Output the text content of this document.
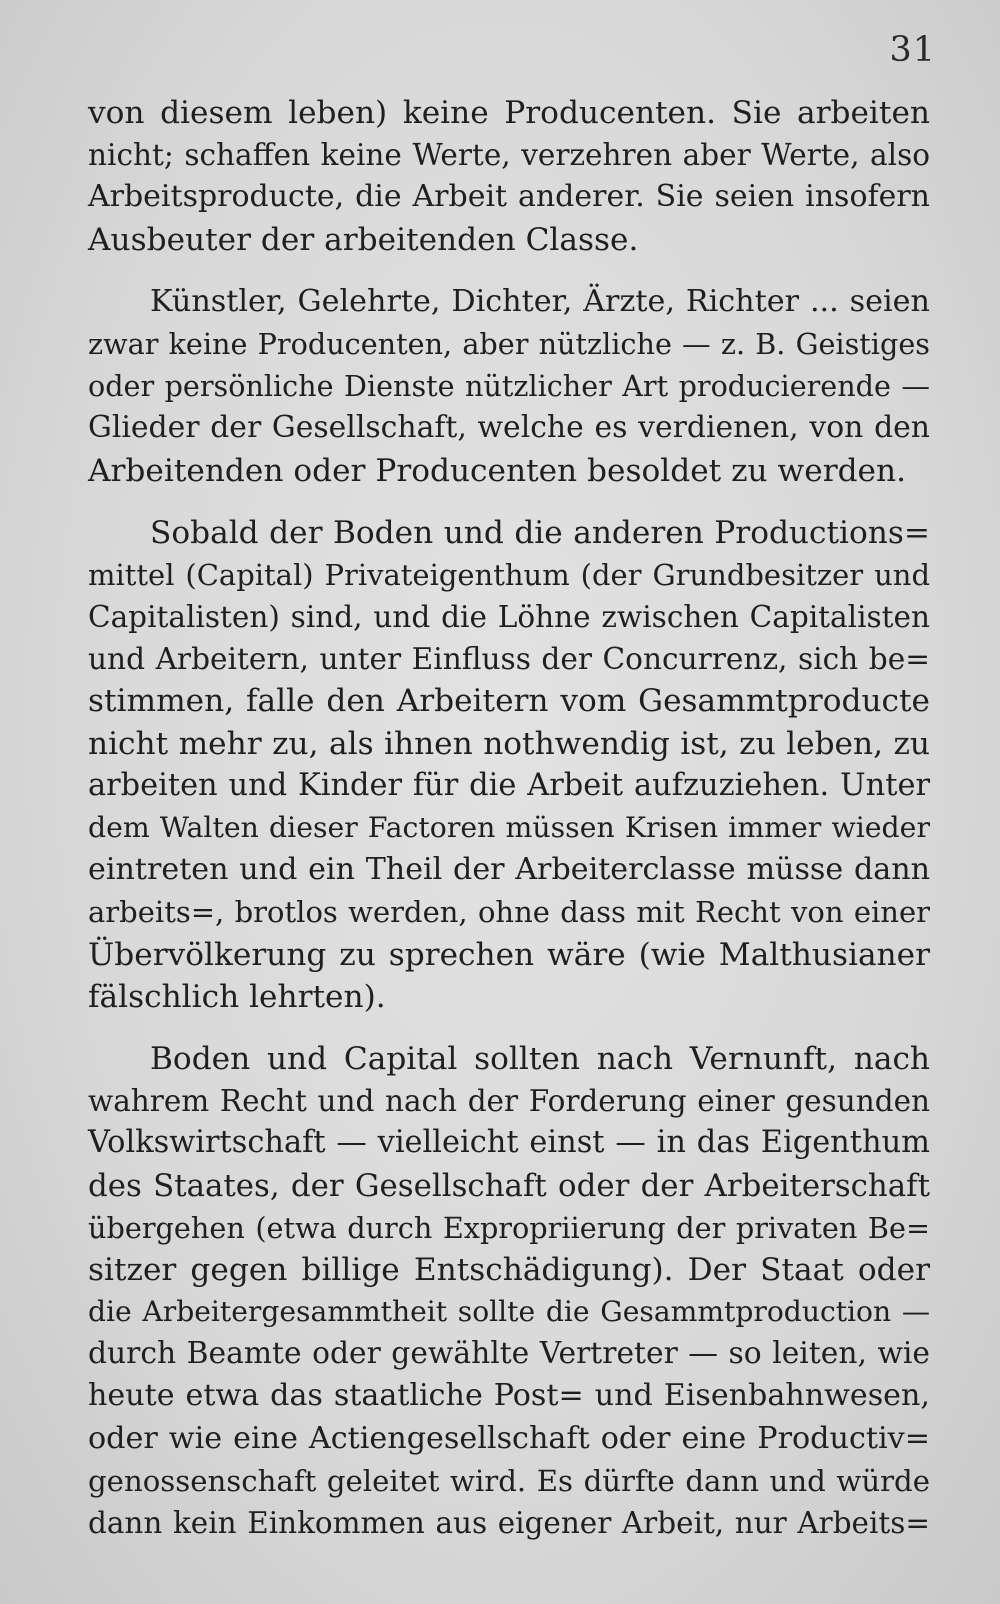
31
von diesem leben) keine Producenten. Sie arbeiten
nicht; schaffen keine Werte, verzehren aber Werte, also
Arbeitsproducte, die Arbeit anderer. Sie seien insofern
Ausbeuter der arbeitenden Classe.
Künstler, Gelehrte, Dichter, Ärzte, Richter ... seien
zwar keine Producenten, aber nützliche — z. B. Geistiges
oder persönliche Dienste nützlicher Art producierende —
Glieder der Gesellschaft, welche es verdienen, von den
Arbeitenden oder Producenten besoldet zu werden.
Sobald der Boden und die anderen Productions=
mittel (Capital) Privateigenthum (der Grundbesitzer und
Capitalisten) sind, und die Löhne zwischen Capitalisten
und Arbeitern, unter Einfluss der Concurrenz, sich be=
stimmen, falle den Arbeitern vom Gesammtproducte
nicht mehr zu, als ihnen nothwendig ist, zu leben, zu
arbeiten und Kinder für die Arbeit aufzuziehen. Unter
dem Walten dieser Factoren müssen Krisen immer wieder
eintreten und ein Theil der Arbeiterclasse müsse dann
arbeits=, brotlos werden, ohne dass mit Recht von einer
Übervölkerung zu sprechen wäre (wie Malthusianer
fälschlich lehrten).
Boden und Capital sollten nach Vernunft, nach
wahrem Recht und nach der Forderung einer gesunden
Volkswirtschaft — vielleicht einst — in das Eigenthum
des Staates, der Gesellschaft oder der Arbeiterschaft
übergehen (etwa durch Expropriierung der privaten Be=
sitzer gegen billige Entschädigung). Der Staat oder
die Arbeitergesammtheit sollte die Gesammtproduction —
durch Beamte oder gewählte Vertreter — so leiten, wie
heute etwa das staatliche Post= und Eisenbahnwesen,
oder wie eine Actiengesellschaft oder eine Productiv=
genossenschaft geleitet wird. Es dürfte dann und würde
dann kein Einkommen aus eigener Arbeit, nur Arbeits=
